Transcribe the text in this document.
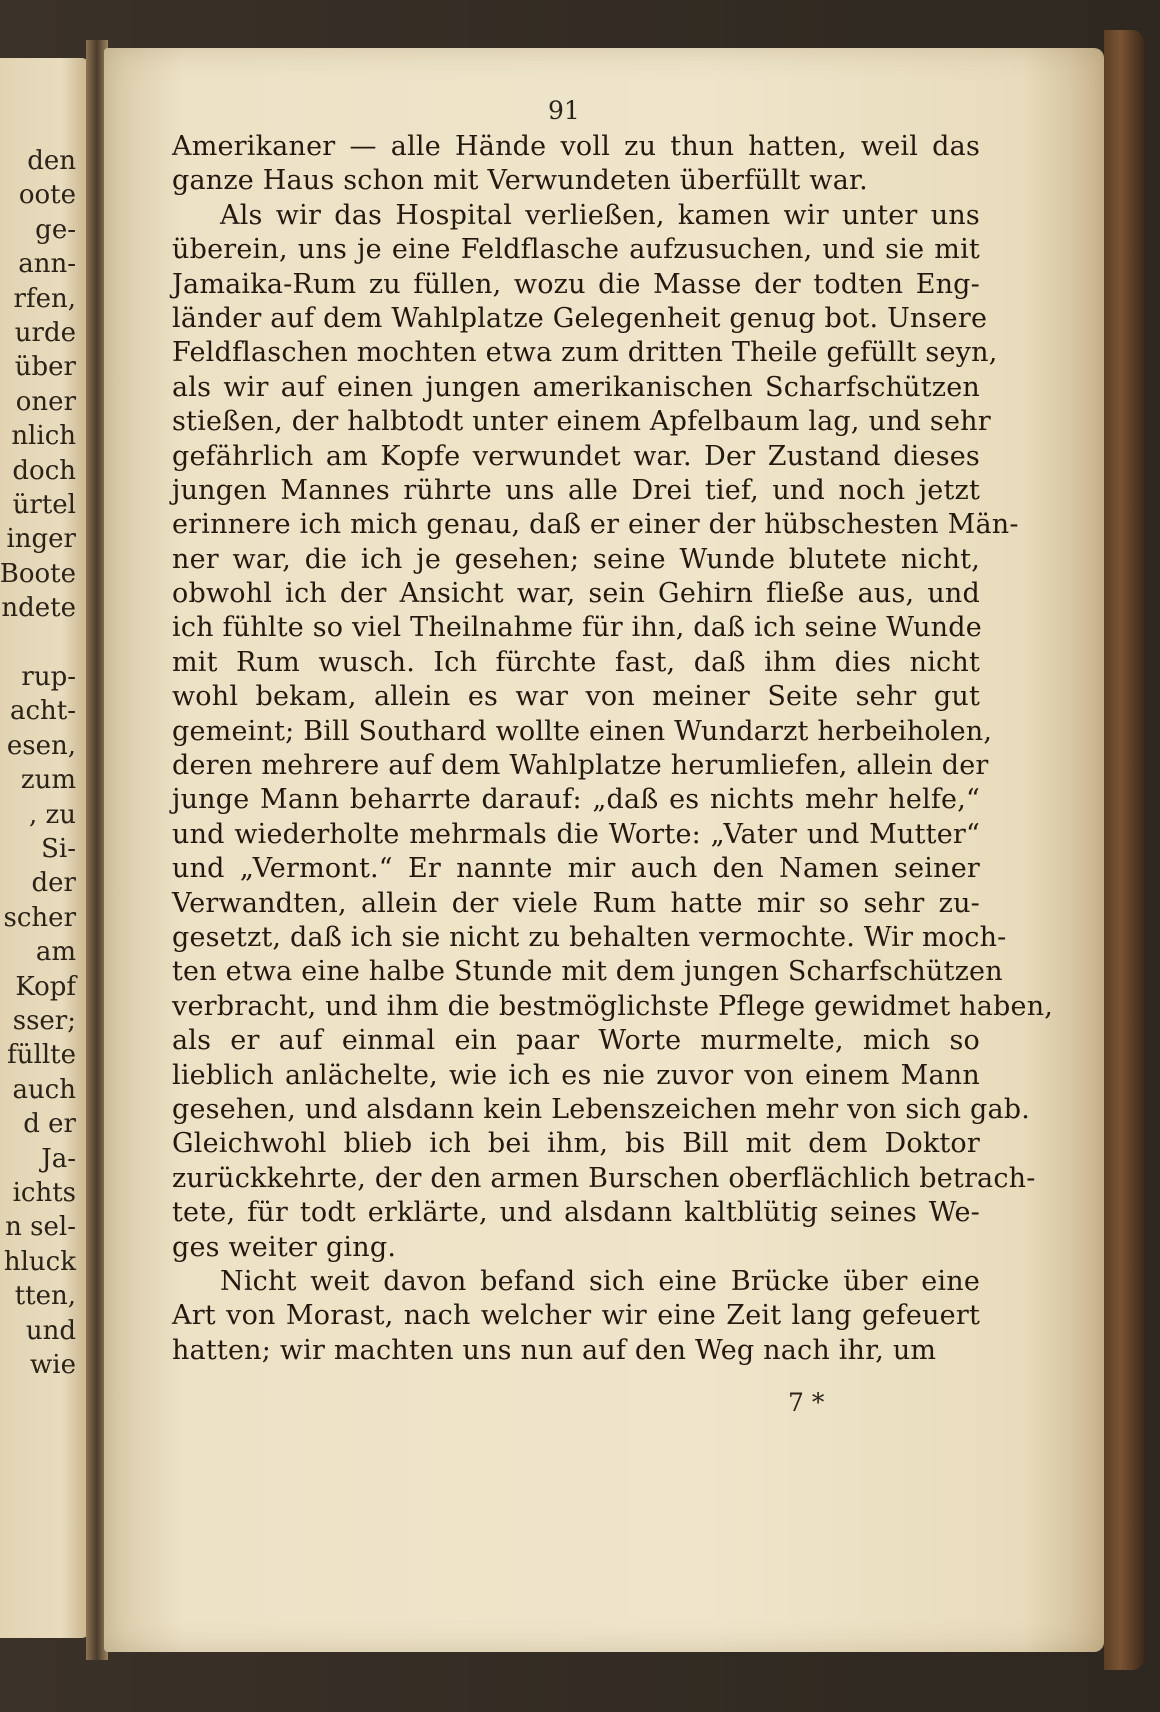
den
oote
ge-
ann-
rfen,
urde
über
oner
nlich
doch
ürtel
inger
Boote
ndete
rup-
acht-
esen,
zum
, zu
Si-
der
scher
am
Kopf
sser;
füllte
auch
d er
Ja-
ichts
n sel-
hluck
tten,
und
wie
91
Amerikaner — alle Hände voll zu thun hatten, weil das
ganze Haus schon mit Verwundeten überfüllt war.
Als wir das Hospital verließen, kamen wir unter uns
überein, uns je eine Feldflasche aufzusuchen, und sie mit
Jamaika-Rum zu füllen, wozu die Masse der todten Eng-
länder auf dem Wahlplatze Gelegenheit genug bot. Unsere
Feldflaschen mochten etwa zum dritten Theile gefüllt seyn,
als wir auf einen jungen amerikanischen Scharfschützen
stießen, der halbtodt unter einem Apfelbaum lag, und sehr
gefährlich am Kopfe verwundet war. Der Zustand dieses
jungen Mannes rührte uns alle Drei tief, und noch jetzt
erinnere ich mich genau, daß er einer der hübschesten Män-
ner war, die ich je gesehen; seine Wunde blutete nicht,
obwohl ich der Ansicht war, sein Gehirn fließe aus, und
ich fühlte so viel Theilnahme für ihn, daß ich seine Wunde
mit Rum wusch. Ich fürchte fast, daß ihm dies nicht
wohl bekam, allein es war von meiner Seite sehr gut
gemeint; Bill Southard wollte einen Wundarzt herbeiholen,
deren mehrere auf dem Wahlplatze herumliefen, allein der
junge Mann beharrte darauf: „daß es nichts mehr helfe,“
und wiederholte mehrmals die Worte: „Vater und Mutter“
und „Vermont.“ Er nannte mir auch den Namen seiner
Verwandten, allein der viele Rum hatte mir so sehr zu-
gesetzt, daß ich sie nicht zu behalten vermochte. Wir moch-
ten etwa eine halbe Stunde mit dem jungen Scharfschützen
verbracht, und ihm die bestmöglichste Pflege gewidmet haben,
als er auf einmal ein paar Worte murmelte, mich so
lieblich anlächelte, wie ich es nie zuvor von einem Mann
gesehen, und alsdann kein Lebenszeichen mehr von sich gab.
Gleichwohl blieb ich bei ihm, bis Bill mit dem Doktor
zurückkehrte, der den armen Burschen oberflächlich betrach-
tete, für todt erklärte, und alsdann kaltblütig seines We-
ges weiter ging.
Nicht weit davon befand sich eine Brücke über eine
Art von Morast, nach welcher wir eine Zeit lang gefeuert
hatten; wir machten uns nun auf den Weg nach ihr, um
7 *
